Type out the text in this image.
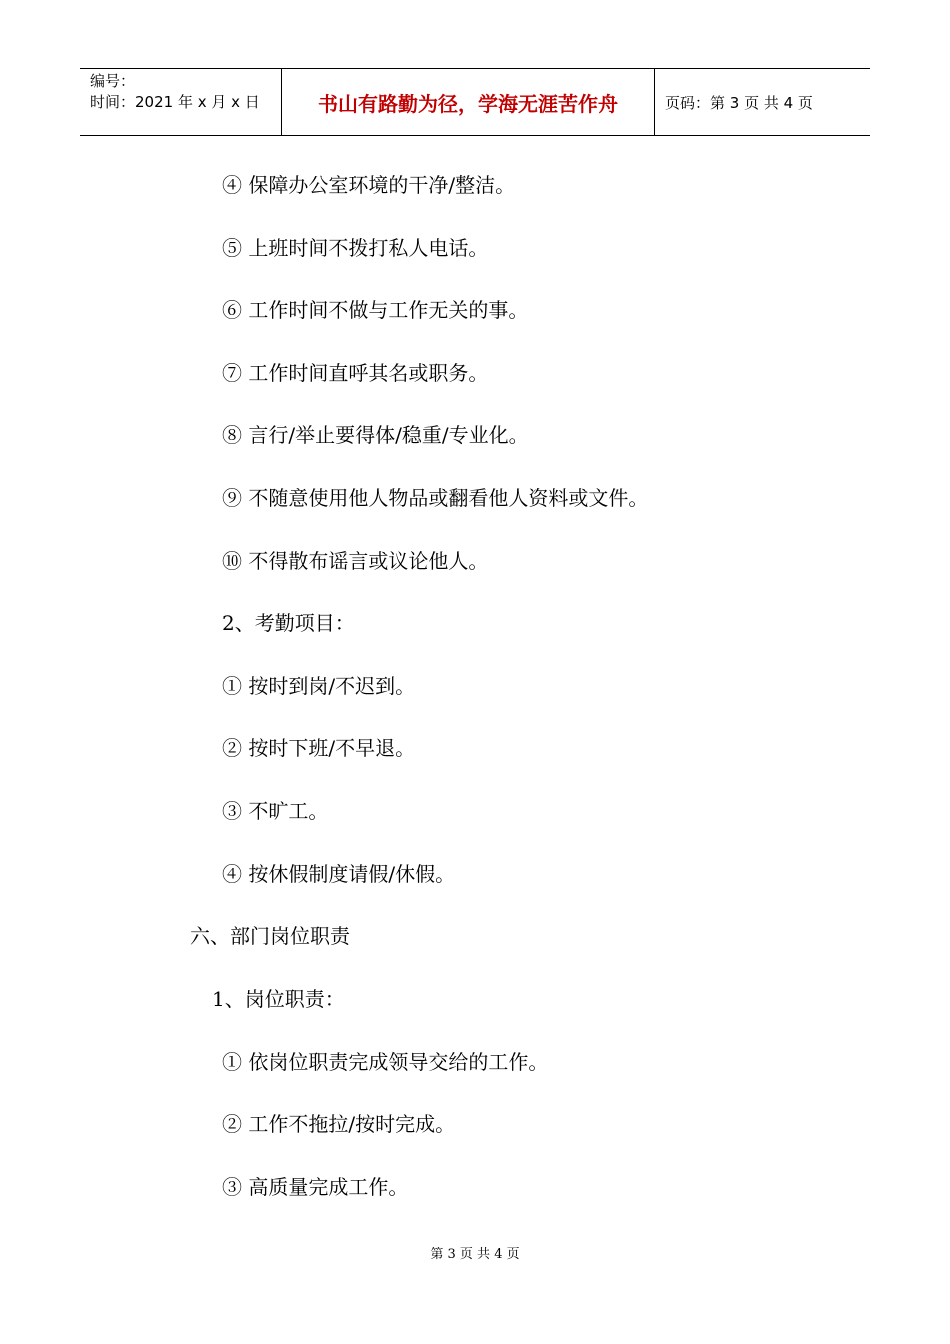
编号：
时间：2021 年 x 月 x 日	书山有路勤为径，学海无涯苦作舟	页码：第 3 页 共 4 页
④ 保障办公室环境的干净/整洁。
⑤ 上班时间不拨打私人电话。
⑥ 工作时间不做与工作无关的事。
⑦ 工作时间直呼其名或职务。
⑧ 言行/举止要得体/稳重/专业化。
⑨ 不随意使用他人物品或翻看他人资料或文件。
⑩ 不得散布谣言或议论他人。
2、考勤项目：
① 按时到岗/不迟到。
② 按时下班/不早退。
③ 不旷工。
④ 按休假制度请假/休假。
六、部门岗位职责
1、岗位职责：
① 依岗位职责完成领导交给的工作。
② 工作不拖拉/按时完成。
③ 高质量完成工作。
第 3 页 共 4 页
